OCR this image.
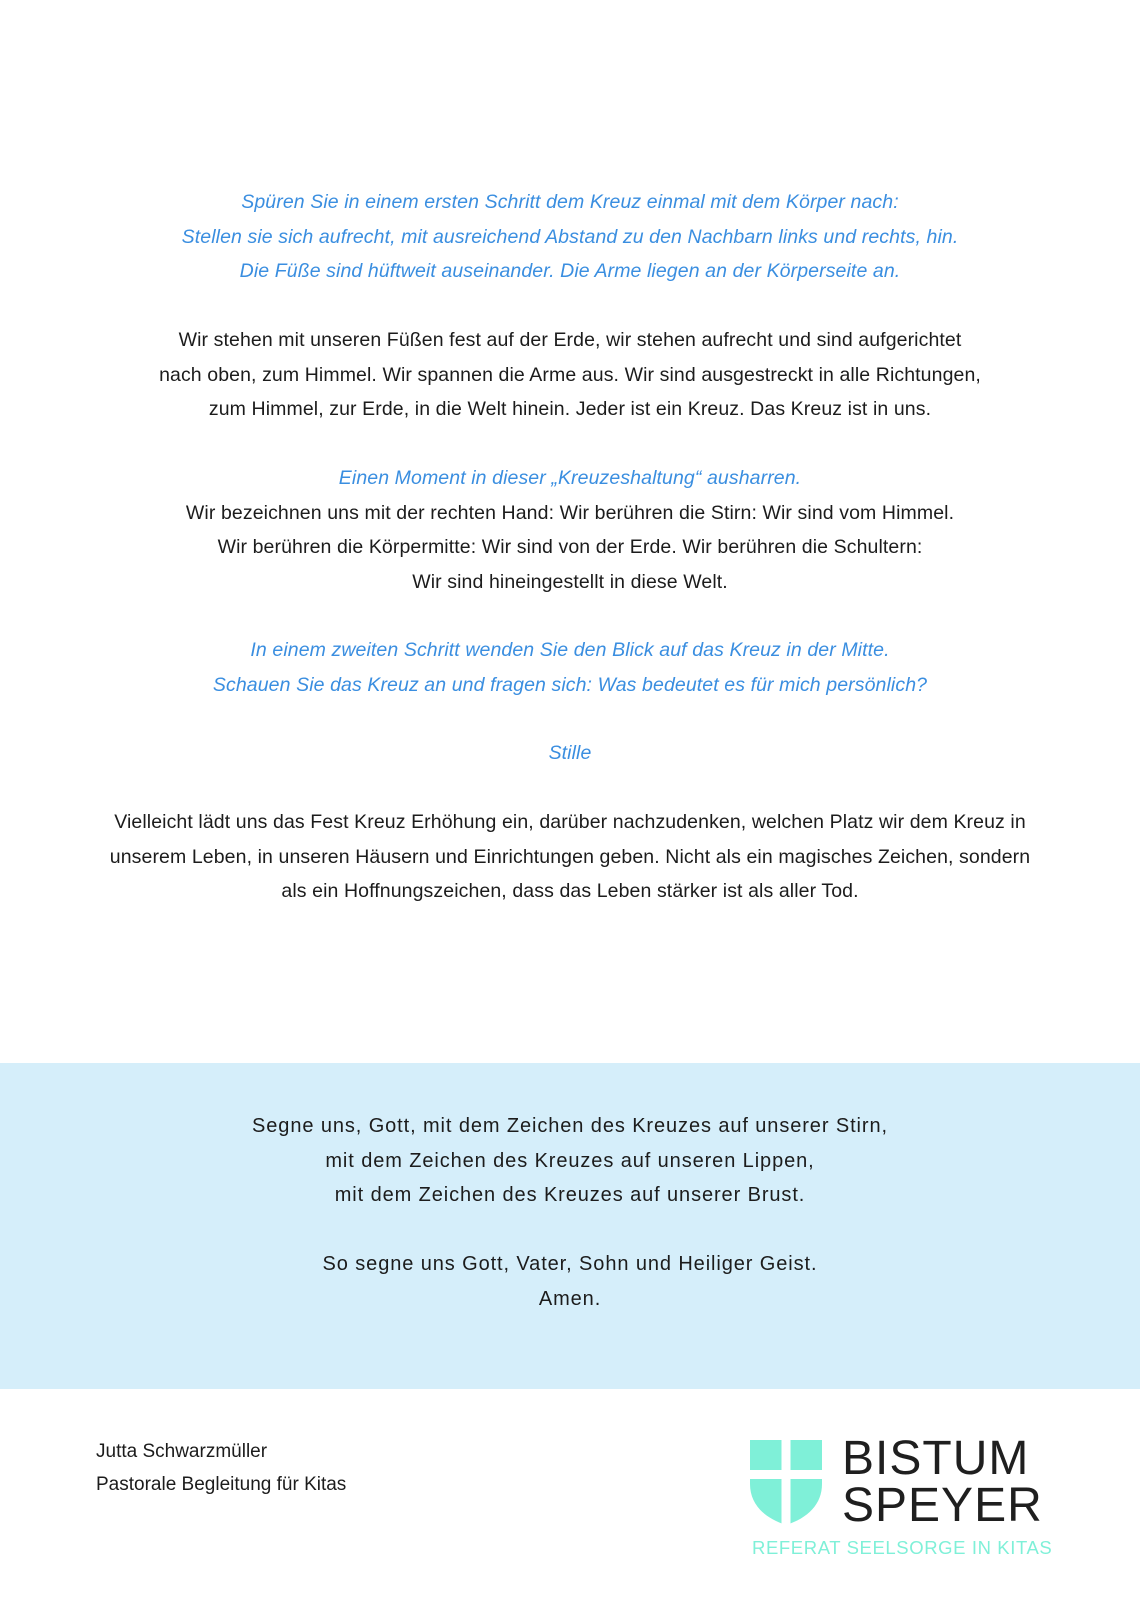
Spüren Sie in einem ersten Schritt dem Kreuz einmal mit dem Körper nach:
Stellen sie sich aufrecht, mit ausreichend Abstand zu den Nachbarn links und rechts, hin.
Die Füße sind hüftweit auseinander. Die Arme liegen an der Körperseite an.
Wir stehen mit unseren Füßen fest auf der Erde, wir stehen aufrecht und sind aufgerichtet
nach oben, zum Himmel. Wir spannen die Arme aus. Wir sind ausgestreckt in alle Richtungen,
zum Himmel, zur Erde, in die Welt hinein. Jeder ist ein Kreuz. Das Kreuz ist in uns.
Einen Moment in dieser „Kreuzeshaltung“ ausharren.
Wir bezeichnen uns mit der rechten Hand: Wir berühren die Stirn: Wir sind vom Himmel.
Wir berühren die Körpermitte: Wir sind von der Erde. Wir berühren die Schultern:
Wir sind hineingestellt in diese Welt.
In einem zweiten Schritt wenden Sie den Blick auf das Kreuz in der Mitte.
Schauen Sie das Kreuz an und fragen sich: Was bedeutet es für mich persönlich?
Stille
Vielleicht lädt uns das Fest Kreuz Erhöhung ein, darüber nachzudenken, welchen Platz wir dem Kreuz in
unserem Leben, in unseren Häusern und Einrichtungen geben. Nicht als ein magisches Zeichen, sondern
als ein Hoffnungszeichen, dass das Leben stärker ist als aller Tod.
Segne uns, Gott, mit dem Zeichen des Kreuzes auf unserer Stirn,
mit dem Zeichen des Kreuzes auf unseren Lippen,
mit dem Zeichen des Kreuzes auf unserer Brust.
So segne uns Gott, Vater, Sohn und Heiliger Geist.
Amen.
Jutta Schwarzmüller
Pastorale Begleitung für Kitas	BISTUM
SPEYER
REFERAT SEELSORGE IN KITAS
